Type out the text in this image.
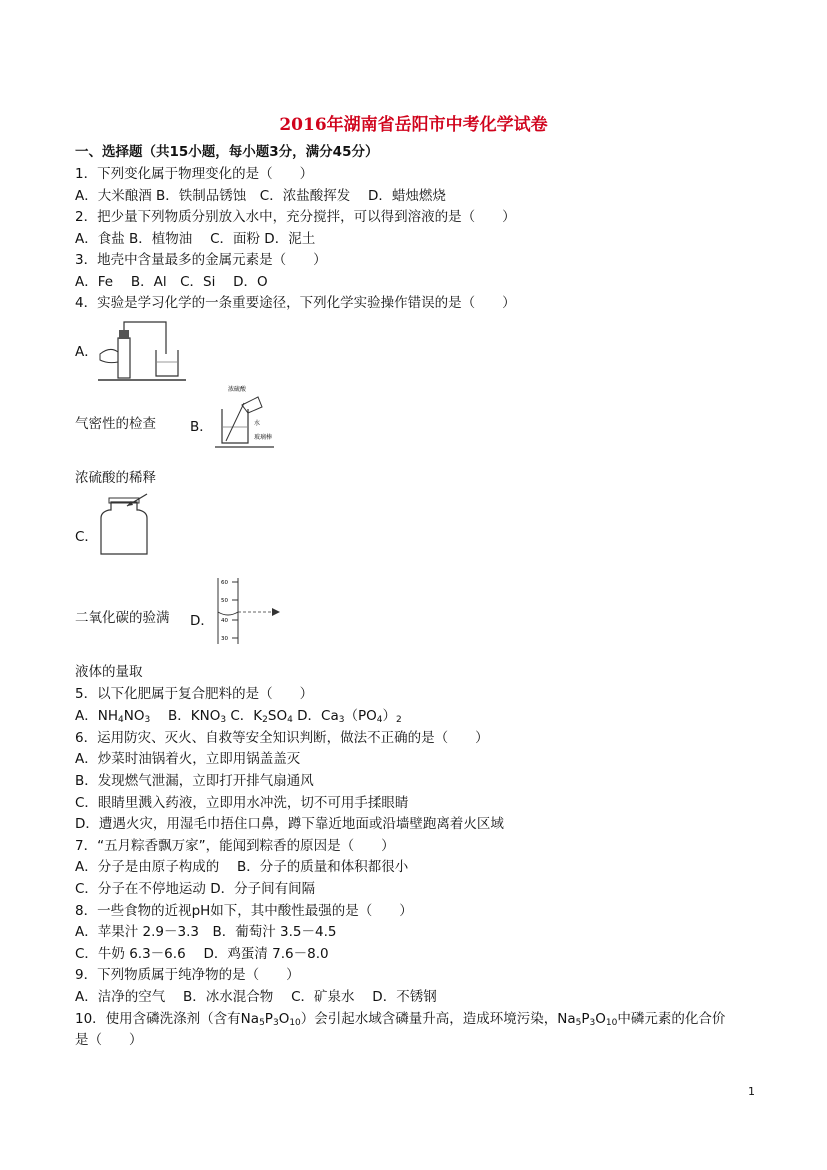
2016年湖南省岳阳市中考化学试卷
一、选择题（共15小题，每小题3分，满分45分）
1．下列变化属于物理变化的是（　　）
A．大米酿酒 B．铁制品锈蚀　C．浓盐酸挥发　 D．蜡烛燃烧
2．把少量下列物质分别放入水中，充分搅拌，可以得到溶液的是（　　）
A．食盐 B．植物油　 C．面粉 D．泥土
3．地壳中含量最多的金属元素是（　　）
A．Fe　 B．Al　C．Si　 D．O
4．实验是学习化学的一条重要途径，下列化学实验操作错误的是（　　）
A．
气密性的检查	B．
浓硫酸
水
玻璃棒
浓硫酸的稀释
C．
二氧化碳的验满 D．
60
50
40
30
液体的量取
5．以下化肥属于复合肥料的是（　　）
A．$NH_4NO_3$　 B．$KNO_3$ C．$K_2SO_4$ D．$Ca_3(PO_4)_2$
6．运用防灾、灭火、自救等安全知识判断，做法不正确的是（　　）
A．炒菜时油锅着火，立即用锅盖盖灭
B．发现燃气泄漏，立即打开排气扇通风
C．眼睛里溅入药液，立即用水冲洗，切不可用手揉眼睛
D．遭遇火灾，用湿毛巾捂住口鼻，蹲下靠近地面或沿墙壁跑离着火区域
7．“五月粽香飘万家”，能闻到粽香的原因是（　　）
A．分子是由原子构成的　 B．分子的质量和体积都很小
C．分子在不停地运动 D．分子间有间隔
8．一些食物的近视pH如下，其中酸性最强的是（　　）
A．苹果汁 2.9－3.3　B．葡萄汁 3.5－4.5
C．牛奶 6.3－6.6　 D．鸡蛋清 7.6－8.0
9．下列物质属于纯净物的是（　　）
A．洁净的空气　 B．冰水混合物　 C．矿泉水　 D．不锈钢
10．使用含磷洗涤剂（含有$Na_5P_3O_{10}$）会引起水域含磷量升高，造成环境污染，$Na_5P_3O_{10}$中磷元素的化合价
是（　　）
1
